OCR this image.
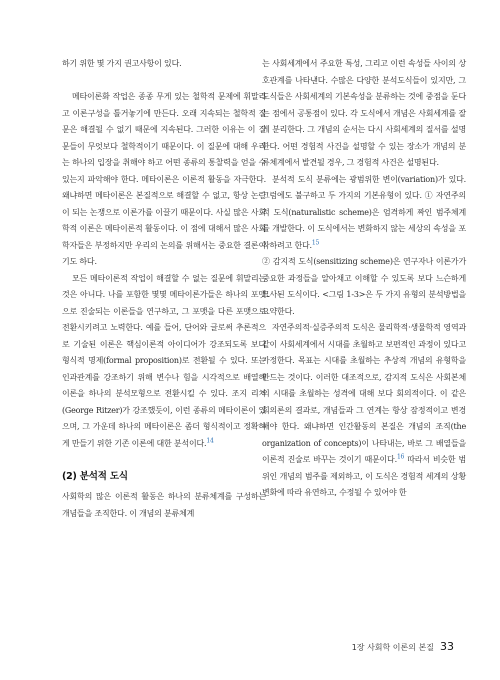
하기 위한 몇 가지 권고사항이 있다.

메타이론화 작업은 종종 무게 있는 철학적 문제에 휘말리고 이론구성을 틀거놓기에 만든다. 오래 지속되는 철학적 질문은 해결될 수 없기 때문에 지속된다. 그러한 이유는 이 질문들이 무엇보다 철학적이기 때문이다. 이 질문에 대해 우리는 하나의 입장을 취해야 하고 어떤 종류의 통찰력을 얻을 수 있는지 파악해야 한다. 메타이론은 이론적 활동을 자극한다. 왜냐하면 메타이론은 본질적으로 해결할 수 없고, 항상 논란이 되는 논쟁으로 이론가를 이끌기 때문이다. 사실 많은 사회학적 이론은 메타이론적 활동이다. 이 점에 대해서 많은 사회학자들은 부정하지만 우리의 논의를 위해서는 중요한 결론이기도 하다.

모든 메타이론적 작업이 해결할 수 없는 질문에 휘말리는 것은 아니다. 나를 포함한 몇몇 메타이론가들은 하나의 포맷으로 진술되는 이론들을 연구하고, 그 포맷을 다른 포맷으로 전환시키려고 노력한다. 예를 들어, 단어와 글로써 추론적으로 기술된 이론은 핵심이론적 아이디어가 강조되도록 보다 형식적 명제(formal proposition)로 전환될 수 있다. 또는 인과관계를 강조하기 위해 변수나 힘을 시각적으로 배열해 이론을 하나의 분석모형으로 전환시킬 수 있다. 조지 리처(George Ritzer)가 강조했듯이, 이런 종류의 메타이론이 있으며, 그 가운데 하나의 메타이론은 좀더 형식적이고 정확하게 만들기 위한 기존 이론에 대한 분석이다.$^{14}$

(2) 분석적 도식

사회학의 많은 이론적 활동은 하나의 분류체계를 구성하는 개념들을 조직한다. 이 개념의 분류체계

는 사회세계에서 주요한 특성, 그리고 이런 속성들 사이의 상호관계를 나타낸다. 수많은 다양한 분석도식들이 있지만, 그 도식들은 사회세계의 기본속성을 분류하는 것에 중점을 둔다는 점에서 공통점이 있다. 각 도식에서 개념은 사회세계를 잘게 분리한다. 그 개념의 순서는 다시 사회세계의 질서를 설명한다. 어떤 경험적 사건을 설명할 수 있는 장소가 개념의 분류체계에서 발견될 경우, 그 경험적 사건은 설명된다.

분석적 도식 분류에는 광범위한 변이(variation)가 있다. 그럼에도 불구하고 두 가지의 기본유형이 있다. ① 자연주의적 도식(naturalistic scheme)은 엄격하게 짜인 범주체계를 개발한다. 이 도식에서는 변화하지 않는 세상의 속성을 포착하려고 한다.$^{15}$

② 감지적 도식(sensitizing scheme)은 연구자나 이론가가 중요한 과정들을 알아채고 이해할 수 있도록 보다 느슨하게 묘사된 도식이다. <그림 1-3>은 두 가지 유형의 분석방법을 요약한다.

자연주의적·실증주의적 도식은 물리학적·생물학적 영역과 같이 사회세계에서 시대를 초월하고 보편적인 과정이 있다고 가정한다. 목표는 시대를 초월하는 추상적 개념의 유형학을 만드는 것이다. 이러한 대조적으로, 감지적 도식은 사회본체의 시대를 초월하는 성격에 대해 보다 회의적이다. 이 같은 회의론의 결과로, 개념들과 그 연계는 항상 잠정적이고 변경해야 한다. 왜냐하면 인간활동의 본질은 개념의 조직(the organization of concepts)이 나타내는, 바로 그 배열들을 이론적 진술로 바꾸는 것이기 때문이다.$^{16}$ 따라서 비슷한 범위인 개념의 범주를 제외하고, 이 도식은 경험적 세계의 상황 변화에 따라 유연하고, 수정될 수 있어야 한

1장 사회학 이론의 본질 33
